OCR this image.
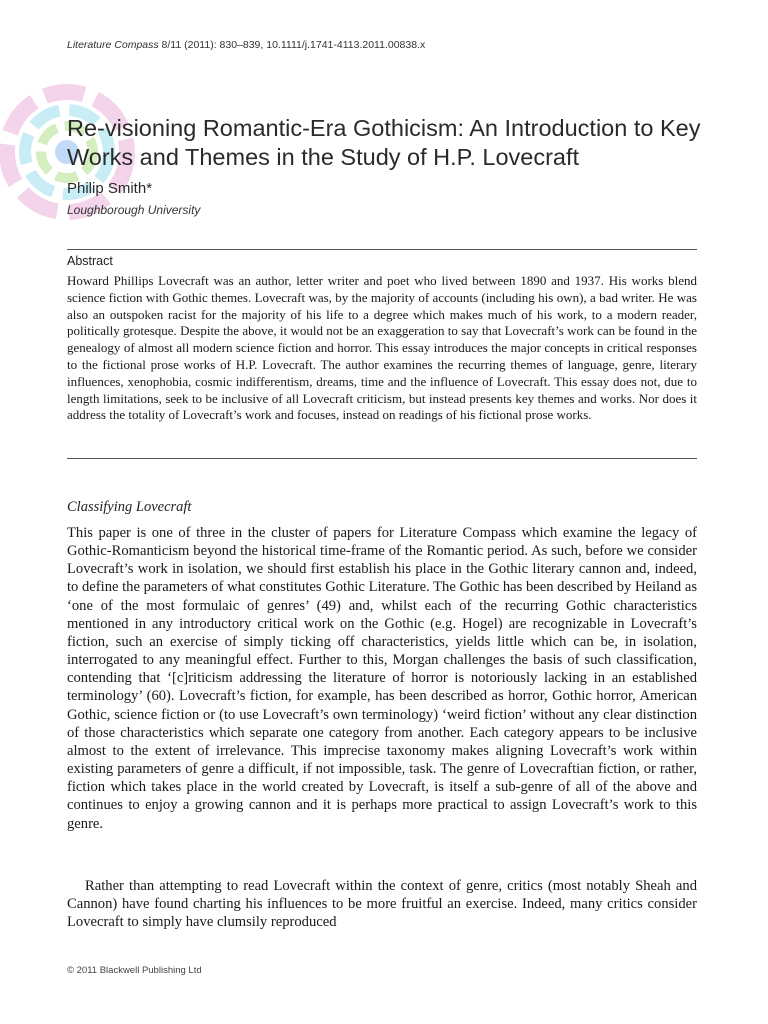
Literature Compass 8/11 (2011): 830–839, 10.1111/j.1741-4113.2011.00838.x
Re-visioning Romantic-Era Gothicism: An Introduction to Key Works and Themes in the Study of H.P. Lovecraft
Philip Smith*
Loughborough University
Abstract

Howard Phillips Lovecraft was an author, letter writer and poet who lived between 1890 and 1937. His works blend science fiction with Gothic themes. Lovecraft was, by the majority of accounts (including his own), a bad writer. He was also an outspoken racist for the majority of his life to a degree which makes much of his work, to a modern reader, politically grotesque. Despite the above, it would not be an exaggeration to say that Lovecraft’s work can be found in the genealogy of almost all modern science fiction and horror. This essay introduces the major concepts in critical responses to the fictional prose works of H.P. Lovecraft. The author examines the recurring themes of language, genre, literary influences, xenophobia, cosmic indifferentism, dreams, time and the influence of Lovecraft. This essay does not, due to length limitations, seek to be inclusive of all Lovecraft criticism, but instead presents key themes and works. Nor does it address the totality of Lovecraft’s work and focuses, instead on readings of his fictional prose works.

Classifying Lovecraft

This paper is one of three in the cluster of papers for Literature Compass which examine the legacy of Gothic-Romanticism beyond the historical time-frame of the Romantic period. As such, before we consider Lovecraft’s work in isolation, we should first establish his place in the Gothic literary cannon and, indeed, to define the parameters of what constitutes Gothic Literature. The Gothic has been described by Heiland as ‘one of the most formulaic of genres’ (49) and, whilst each of the recurring Gothic characteristics mentioned in any introductory critical work on the Gothic (e.g. Hogel) are recognizable in Lovecraft’s fiction, such an exercise of simply ticking off characteristics, yields little which can be, in isolation, interrogated to any meaningful effect. Further to this, Morgan challenges the basis of such classification, contending that ‘[c]riticism addressing the literature of horror is notoriously lacking in an established terminology’ (60). Lovecraft’s fiction, for example, has been described as horror, Gothic horror, American Gothic, science fiction or (to use Lovecraft’s own terminology) ‘weird fiction’ without any clear distinction of those characteristics which separate one category from another. Each category appears to be inclusive almost to the extent of irrelevance. This imprecise taxonomy makes aligning Lovecraft’s work within existing parameters of genre a difficult, if not impossible, task. The genre of Lovecraftian fiction, or rather, fiction which takes place in the world created by Lovecraft, is itself a sub-genre of all of the above and continues to enjoy a growing cannon and it is perhaps more practical to assign Lovecraft’s work to this genre.

Rather than attempting to read Lovecraft within the context of genre, critics (most notably Sheah and Cannon) have found charting his influences to be more fruitful an exercise. Indeed, many critics consider Lovecraft to simply have clumsily reproduced

© 2011 Blackwell Publishing Ltd
